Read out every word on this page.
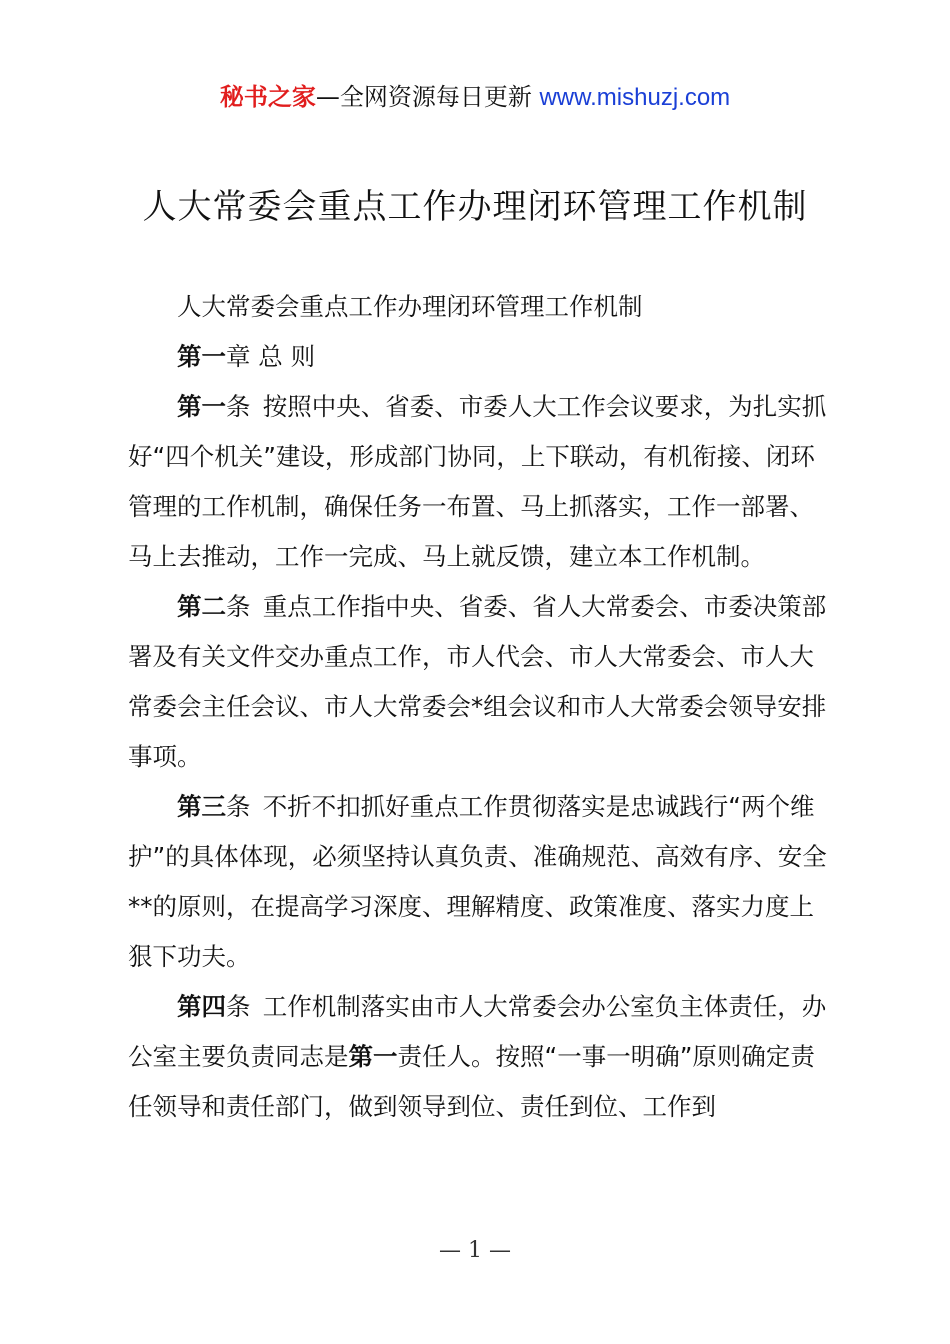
秘书之家—全网资源每日更新 www.mishuzj.com
人大常委会重点工作办理闭环管理工作机制

人大常委会重点工作办理闭环管理工作机制

第一章 总 则

第一条 按照中央、省委、市委人大工作会议要求，为扎实抓好“四个机关”建设，形成部门协同，上下联动，有机衔接、闭环管理的工作机制，确保任务一布置、马上抓落实，工作一部署、马上去推动，工作一完成、马上就反馈，建立本工作机制。

第二条 重点工作指中央、省委、省人大常委会、市委决策部署及有关文件交办重点工作，市人代会、市人大常委会、市人大常委会主任会议、市人大常委会*组会议和市人大常委会领导安排事项。

第三条 不折不扣抓好重点工作贯彻落实是忠诚践行“两个维护”的具体体现，必须坚持认真负责、准确规范、高效有序、安全**的原则，在提高学习深度、理解精度、政策准度、落实力度上狠下功夫。

第四条 工作机制落实由市人大常委会办公室负主体责任，办公室主要负责同志是第一责任人。按照“一事一明确”原则确定责任领导和责任部门，做到领导到位、责任到位、工作到

— 1 —
